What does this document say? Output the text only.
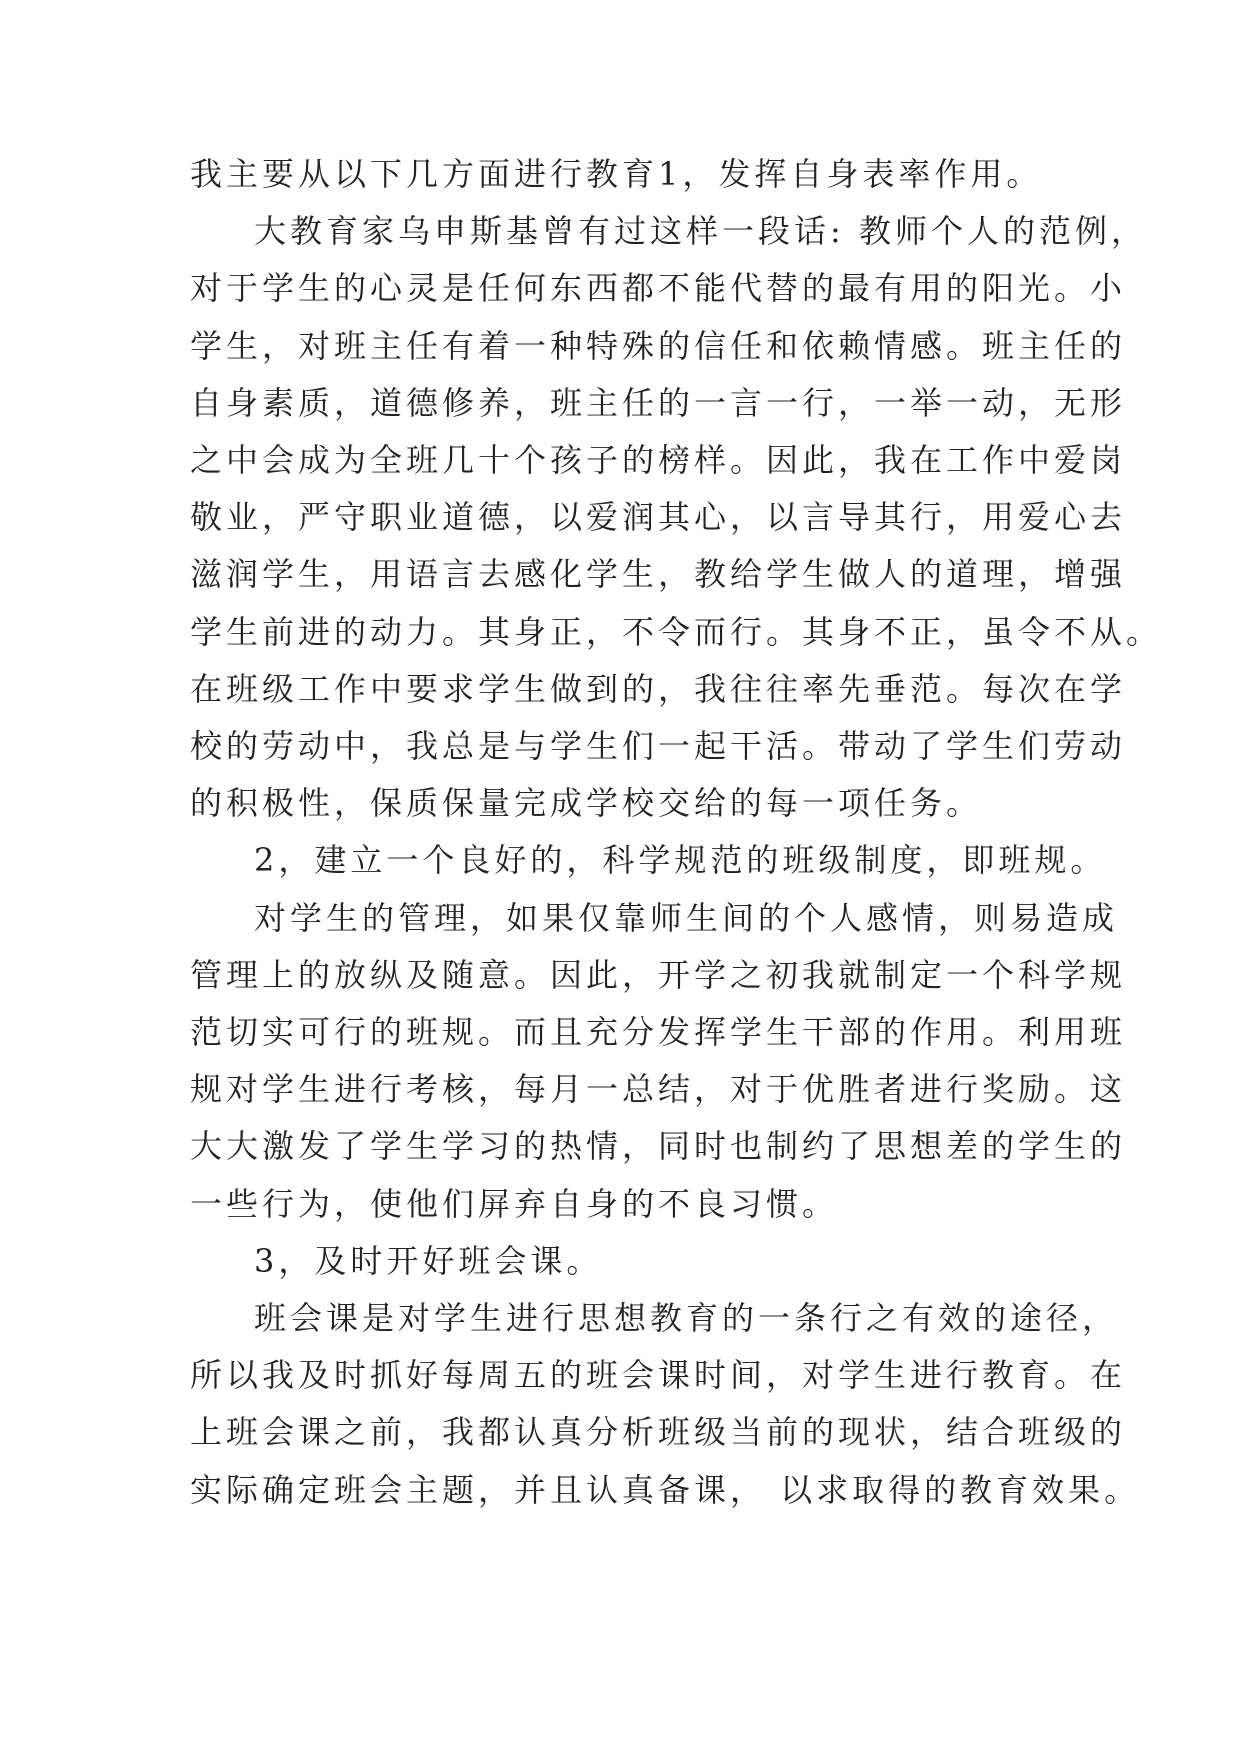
我主要从以下几方面进行教育1，发挥自身表率作用。
大教育家乌申斯基曾有过这样一段话: 教师个人的范例，
对于学生的心灵是任何东西都不能代替的最有用的阳光。小
学生，对班主任有着一种特殊的信任和依赖情感。班主任的
自身素质，道德修养，班主任的一言一行，一举一动，无形
之中会成为全班几十个孩子的榜样。因此，我在工作中爱岗
敬业，严守职业道德，以爱润其心，以言导其行，用爱心去
滋润学生，用语言去感化学生，教给学生做人的道理，增强
学生前进的动力。其身正，不令而行。其身不正，虽令不从。
在班级工作中要求学生做到的，我往往率先垂范。每次在学
校的劳动中，我总是与学生们一起干活。带动了学生们劳动
的积极性，保质保量完成学校交给的每一项任务。
2，建立一个良好的，科学规范的班级制度，即班规。
对学生的管理，如果仅靠师生间的个人感情，则易造成
管理上的放纵及随意。因此，开学之初我就制定一个科学规
范切实可行的班规。而且充分发挥学生干部的作用。利用班
规对学生进行考核，每月一总结，对于优胜者进行奖励。这
大大激发了学生学习的热情，同时也制约了思想差的学生的
一些行为，使他们屏弃自身的不良习惯。
3，及时开好班会课。
班会课是对学生进行思想教育的一条行之有效的途径，
所以我及时抓好每周五的班会课时间，对学生进行教育。在
上班会课之前，我都认真分析班级当前的现状，结合班级的
实际确定班会主题，并且认真备课， 以求取得的教育效果。
